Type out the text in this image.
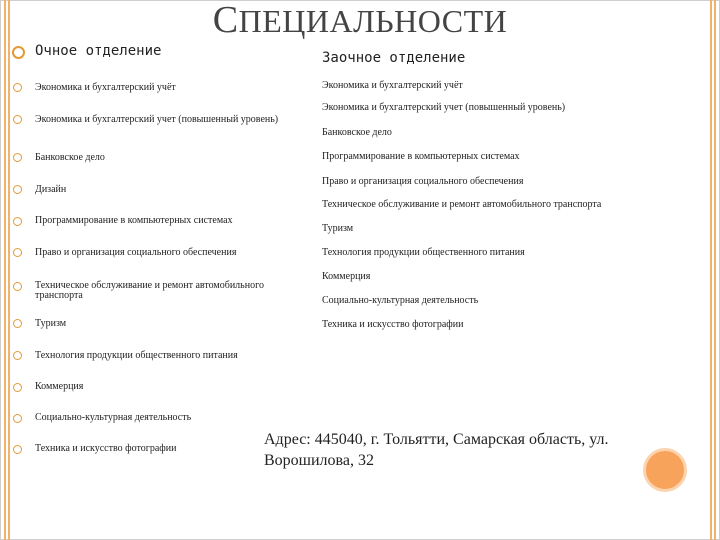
СПЕЦИАЛЬНОСТИ
Очное отделение
Экономика и бухгалтерский учёт
Экономика и бухгалтерский учет (повышенный уровень)
Банковское дело
Дизайн
Программирование в компьютерных системах
Право и организация социального обеспечения
Техническое обслуживание и ремонт автомобильного транспорта
Туризм
Технология продукции общественного питания
Коммерция
Социально-культурная деятельность
Техника и искусство фотографии
Заочное отделение
Экономика и бухгалтерский учёт
Экономика и бухгалтерский учет (повышенный уровень)
Банковское дело
Программирование в компьютерных системах
Право и организация социального обеспечения
Техническое обслуживание и ремонт автомобильного транспорта
Туризм
Технология продукции общественного питания
Коммерция
Социально-культурная деятельность
Техника и искусство фотографии
Адрес: 445040, г. Тольятти, Самарская область, ул. Ворошилова, 32
